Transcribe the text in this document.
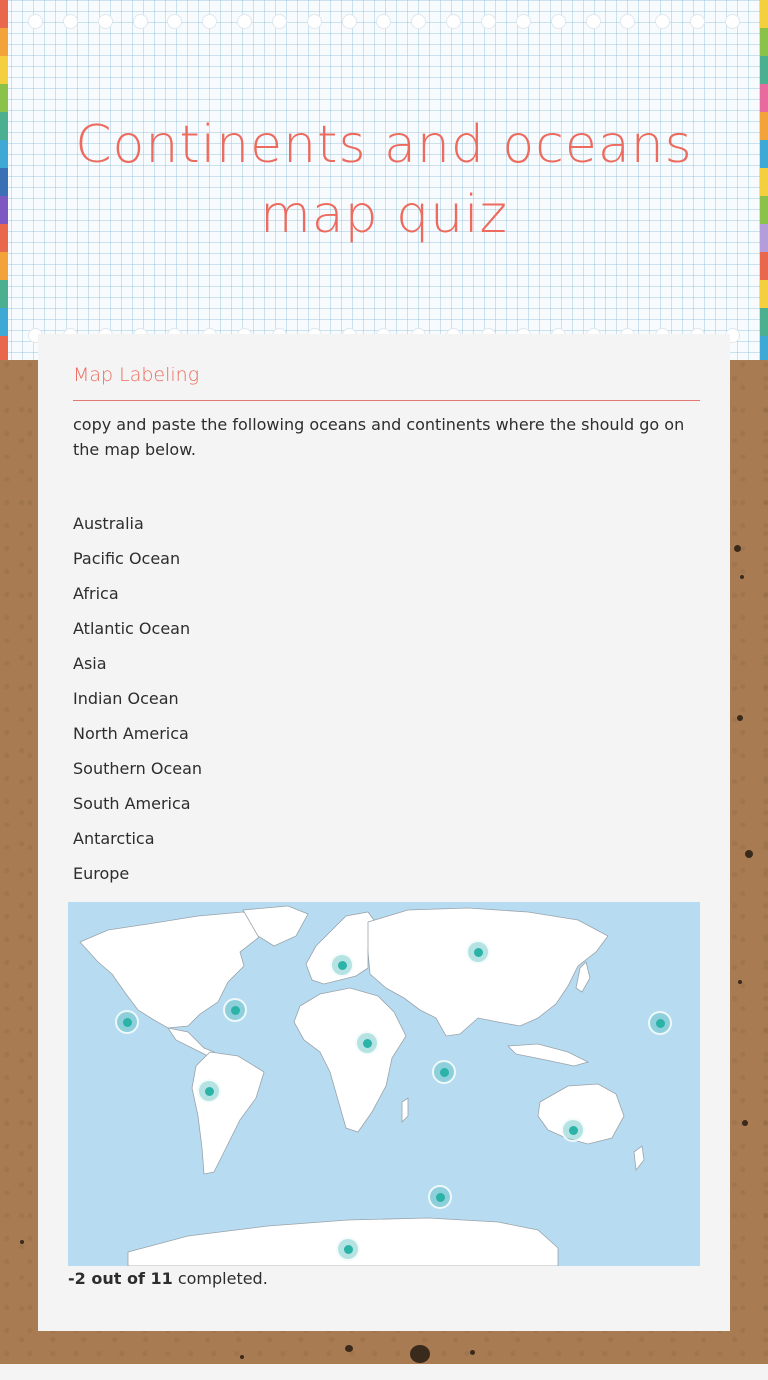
Continents and oceans map quiz
Map Labeling

copy and paste the following oceans and continents where the should go on the map below.

Australia
Pacific Ocean
Africa
Atlantic Ocean
Asia
Indian Ocean
North America
Southern Ocean
South America
Antarctica
Europe

-2 out of 11 completed.
